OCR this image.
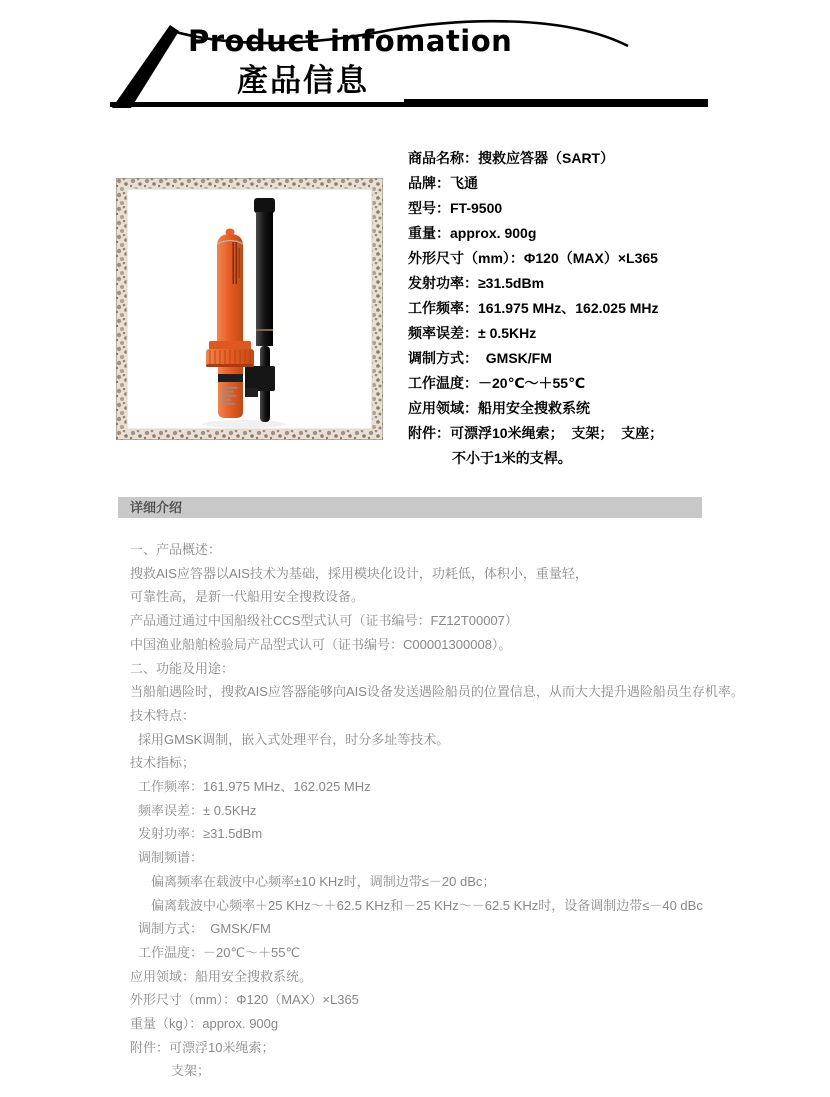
Product infomation
產品信息
商品名称：搜救应答器（SART）
品牌：飞通
型号：FT-9500
重量：approx. 900g
外形尺寸（mm）：Φ120（MAX）×L365
发射功率：≥31.5dBm
工作频率：161.975 MHz、162.025 MHz
频率误差：± 0.5KHz
调制方式：  GMSK/FM
工作温度：－20℃～＋55℃
应用领域：船用安全搜救系统
附件：可漂浮10米绳索；  支架；  支座；
不小于1米的支桿。
详细介绍
一、产品概述：
搜救AIS应答器以AIS技术为基础，採用模块化设计，功耗低，体积小，重量轻，
可靠性高，是新一代船用安全搜救设备。
产品通过通过中国船级社CCS型式认可（证书编号：FZ12T00007）
中国渔业船舶检验局产品型式认可（证书编号：C00001300008）。
二、功能及用途：
当船舶遇险时，搜救AIS应答器能够向AIS设备发送遇险船员的位置信息，从而大大提升遇险船员生存机率。
技术特点：
採用GMSK调制，嵌入式处理平台，时分多址等技术。
技术指标；
工作频率：161.975 MHz、162.025 MHz
频率误差：± 0.5KHz
发射功率：≥31.5dBm
调制频谱：
偏离频率在载波中心频率±10 KHz时，调制边带≤－20 dBc；
偏离载波中心频率＋25 KHz～＋62.5 KHz和－25 KHz～－62.5 KHz时，设备调制边带≤－40 dBc
调制方式：  GMSK/FM
工作温度：－20℃～＋55℃
应用领域：船用安全搜救系统。
外形尺寸（mm）：Φ120（MAX）×L365
重量（kg）：approx. 900g
附件：可漂浮10米绳索；
支架；
